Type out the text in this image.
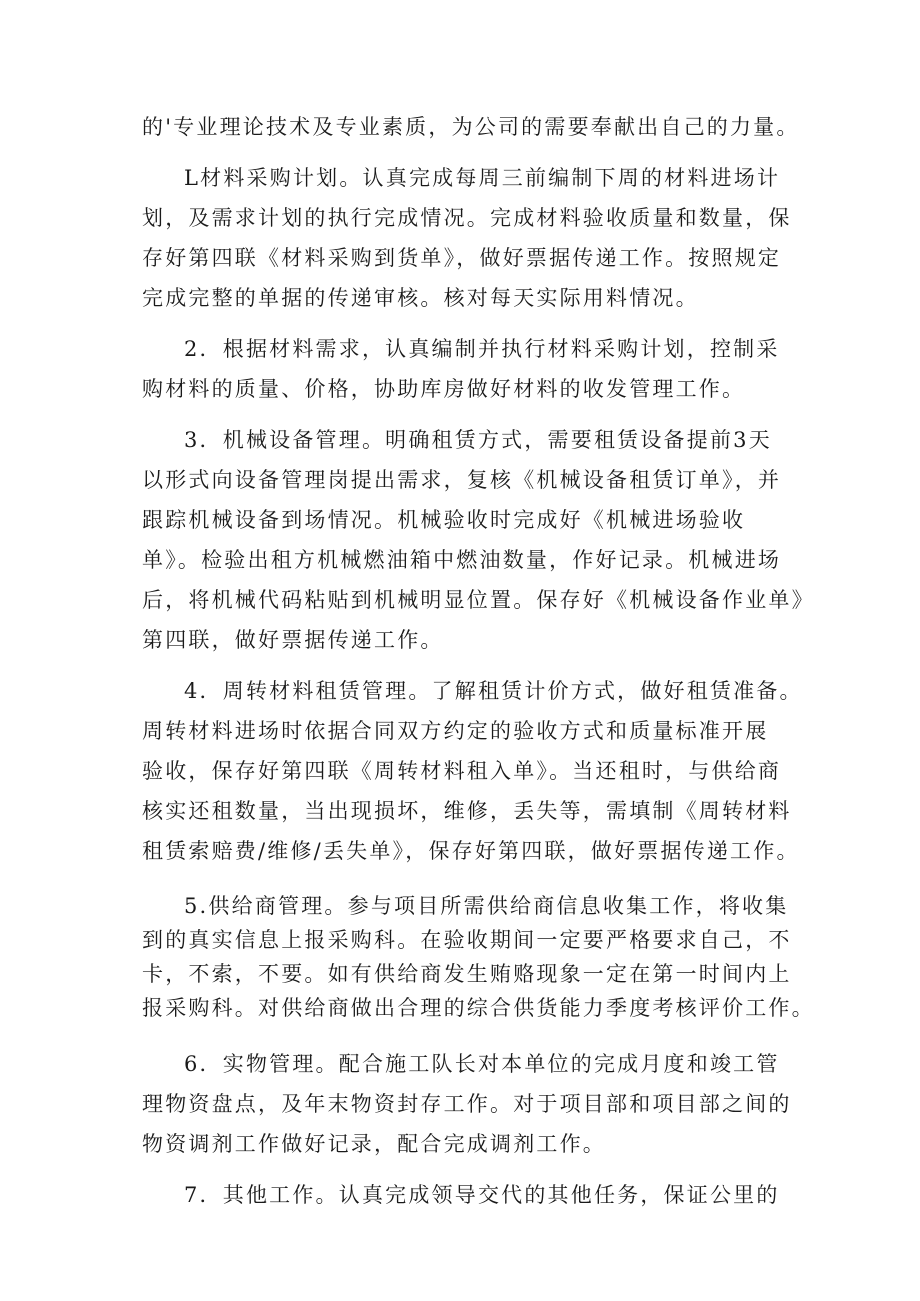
的'专业理论技术及专业素质，为公司的需要奉献出自己的力量。
L材料采购计划。认真完成每周三前编制下周的材料进场计
划，及需求计划的执行完成情况。完成材料验收质量和数量，保
存好第四联《材料采购到货单》，做好票据传递工作。按照规定
完成完整的单据的传递审核。核对每天实际用料情况。
2．根据材料需求，认真编制并执行材料采购计划，控制采
购材料的质量、价格，协助库房做好材料的收发管理工作。
3．机械设备管理。明确租赁方式，需要租赁设备提前3天
以形式向设备管理岗提出需求，复核《机械设备租赁订单》，并
跟踪机械设备到场情况。机械验收时完成好《机械进场验收
单》。检验出租方机械燃油箱中燃油数量，作好记录。机械进场
后，将机械代码粘贴到机械明显位置。保存好《机械设备作业单》
第四联，做好票据传递工作。
4．周转材料租赁管理。了解租赁计价方式，做好租赁准备。
周转材料进场时依据合同双方约定的验收方式和质量标准开展
验收，保存好第四联《周转材料租入单》。当还租时，与供给商
核实还租数量，当出现损坏，维修，丢失等，需填制《周转材料
租赁索赔费/维修/丢失单》，保存好第四联，做好票据传递工作。
5.供给商管理。参与项目所需供给商信息收集工作，将收集
到的真实信息上报采购科。在验收期间一定要严格要求自己，不
卡，不索，不要。如有供给商发生贿赂现象一定在第一时间内上
报采购科。对供给商做出合理的综合供货能力季度考核评价工作。
6．实物管理。配合施工队长对本单位的完成月度和竣工管
理物资盘点，及年末物资封存工作。对于项目部和项目部之间的
物资调剂工作做好记录，配合完成调剂工作。
7．其他工作。认真完成领导交代的其他任务，保证公里的
